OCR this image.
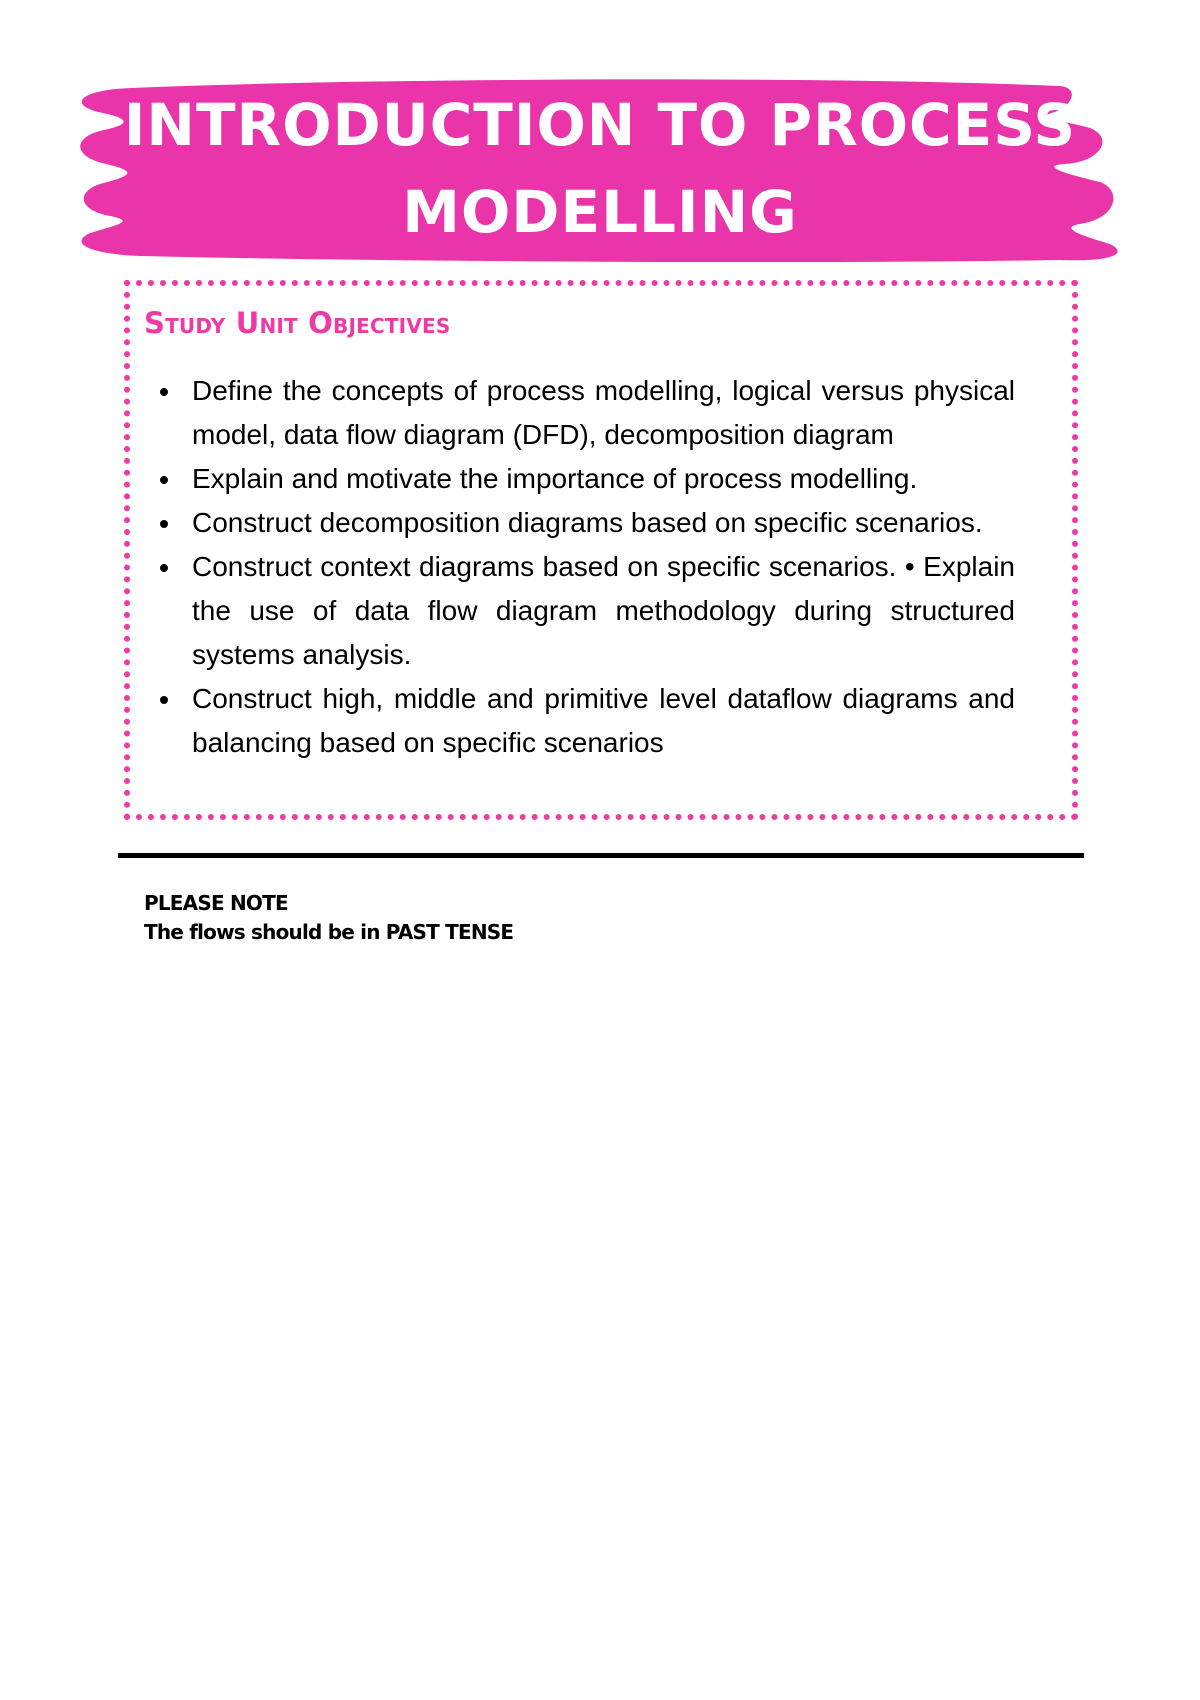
INTRODUCTION TO PROCESS
MODELLING
Study Unit Objectives
Define the concepts of process modelling, logical versus physical model, data flow diagram (DFD), decomposition diagram
Explain and motivate the importance of process modelling.
Construct decomposition diagrams based on specific scenarios.
Construct context diagrams based on specific scenarios. • Explain the use of data flow diagram methodology during structured systems analysis.
Construct high, middle and primitive level dataflow diagrams and balancing based on specific scenarios
PLEASE NOTE
The flows should be in PAST TENSE
